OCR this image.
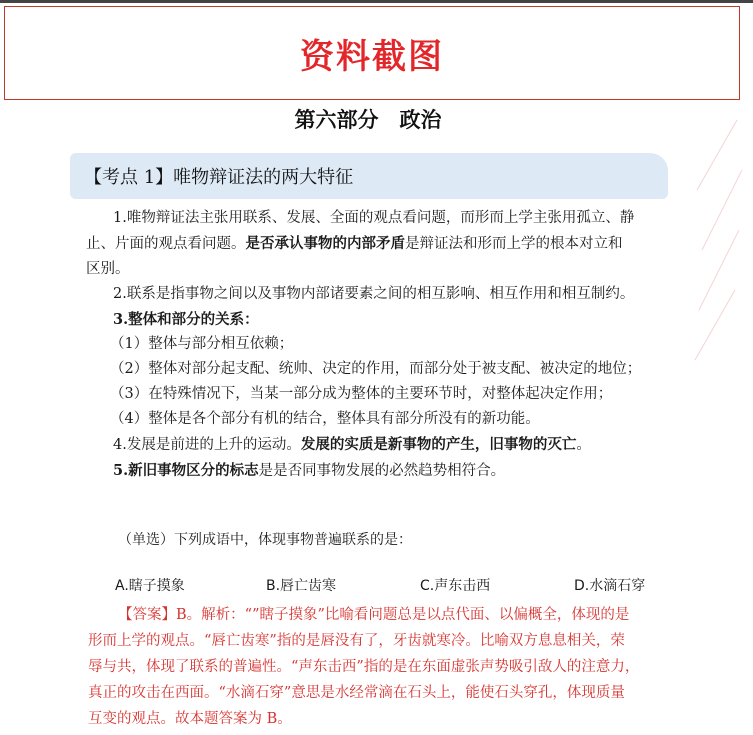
资料截图
第六部分　政治
【考点 1】唯物辩证法的两大特征

1.唯物辩证法主张用联系、发展、全面的观点看问题，而形而上学主张用孤立、静
止、片面的观点看问题。是否承认事物的内部矛盾是辩证法和形而上学的根本对立和
区别。

2.联系是指事物之间以及事物内部诸要素之间的相互影响、相互作用和相互制约。

3.整体和部分的关系：

（1）整体与部分相互依赖；

（2）整体对部分起支配、统帅、决定的作用，而部分处于被支配、被决定的地位；

（3）在特殊情况下，当某一部分成为整体的主要环节时，对整体起决定作用；

（4）整体是各个部分有机的结合，整体具有部分所没有的新功能。

4.发展是前进的上升的运动。发展的实质是新事物的产生，旧事物的灭亡。

5.新旧事物区分的标志是是否同事物发展的必然趋势相符合。

（单选）下列成语中，体现事物普遍联系的是：
A.瞎子摸象	B.唇亡齿寒	C.声东击西	D.水滴石穿

【答案】B。解析：“”瞎子摸象”比喻看问题总是以点代面、以偏概全，体现的是

形而上学的观点。“唇亡齿寒”指的是唇没有了，牙齿就寒冷。比喻双方息息相关，荣

辱与共，体现了联系的普遍性。“声东击西”指的是在东面虚张声势吸引敌人的注意力，

真正的攻击在西面。“水滴石穿”意思是水经常滴在石头上，能使石头穿孔，体现质量

互变的观点。故本题答案为 B。
